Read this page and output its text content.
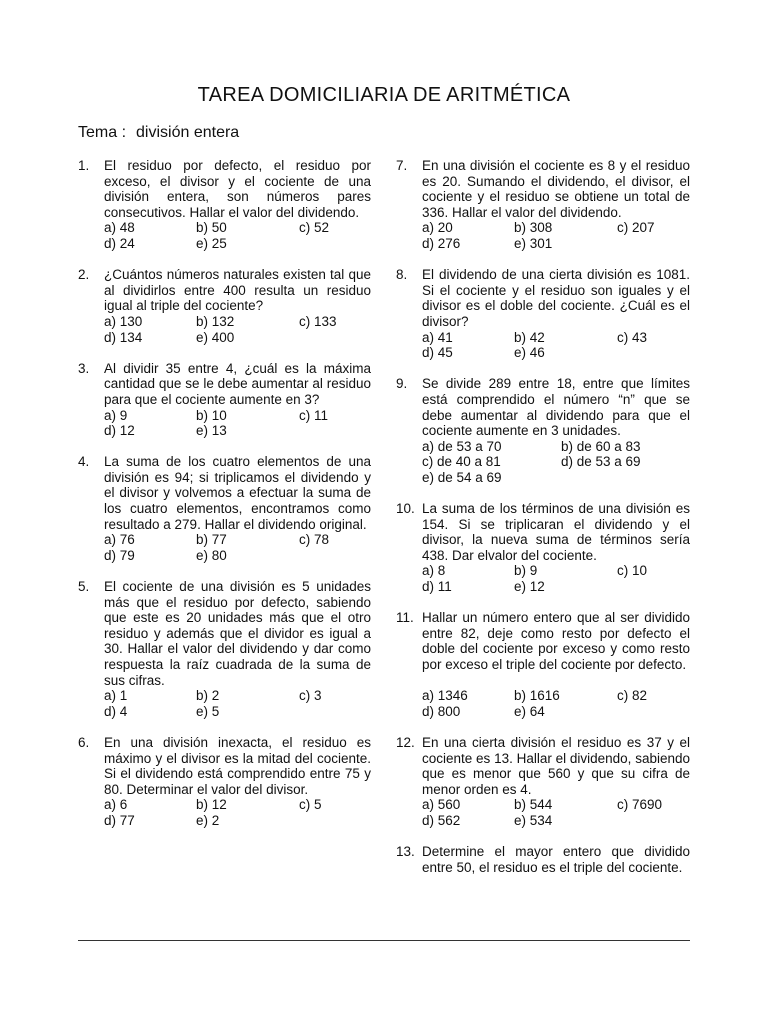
TAREA DOMICILIARIA DE ARITMÉTICA
Tema : división entera
1. El residuo por defecto, el residuo por exceso, el divisor y el cociente de una división entera, son números pares consecutivos. Hallar el valor del dividendo.
a) 48	b) 50	c) 52
d) 24	e) 25
2. ¿Cuántos números naturales existen tal que al dividirlos entre 400 resulta un residuo igual al triple del cociente?
a) 130	b) 132	c) 133
d) 134	e) 400
3. Al dividir 35 entre 4, ¿cuál es la máxima cantidad que se le debe aumentar al residuo para que el cociente aumente en 3?
a) 9	b) 10	c) 11
d) 12	e) 13
4. La suma de los cuatro elementos de una división es 94; si triplicamos el dividendo y el divisor y volvemos a efectuar la suma de los cuatro elementos, encontramos como resultado a 279. Hallar el dividendo original.
a) 76	b) 77	c) 78
d) 79	e) 80
5. El cociente de una división es 5 unidades más que el residuo por defecto, sabiendo que este es 20 unidades más que el otro residuo y además que el dividor es igual a 30. Hallar el valor del dividendo y dar como respuesta la raíz cuadrada de la suma de sus cifras.
a) 1	b) 2	c) 3
d) 4	e) 5
6. En una división inexacta, el residuo es máximo y el divisor es la mitad del cociente. Si el dividendo está comprendido entre 75 y 80. Determinar el valor del divisor.
a) 6	b) 12	c) 5
d) 77	e) 2
7. En una división el cociente es 8 y el residuo es 20. Sumando el dividendo, el divisor, el cociente y el residuo se obtiene un total de 336. Hallar el valor del dividendo.
a) 20	b) 308	c) 207
d) 276	e) 301
8. El dividendo de una cierta división es 1081. Si el cociente y el residuo son iguales y el divisor es el doble del cociente. ¿Cuál es el divisor?
a) 41	b) 42	c) 43
d) 45	e) 46
9. Se divide 289 entre 18, entre que límites está comprendido el número “n” que se debe aumentar al dividendo para que el cociente aumente en 3 unidades.
a) de 53 a 70	b) de 60 a 83
c) de 40 a 81	d) de 53 a 69
e) de 54 a 69
10. La suma de los términos de una división es 154. Si se triplicaran el dividendo y el divisor, la nueva suma de términos sería 438. Dar elvalor del cociente.
a) 8	b) 9	c) 10
d) 11	e) 12
11. Hallar un número entero que al ser dividido entre 82, deje como resto por defecto el doble del cociente por exceso y como resto por exceso el triple del cociente por defecto.
a) 1346	b) 1616	c) 82
d) 800	e) 64
12. En una cierta división el residuo es 37 y el cociente es 13. Hallar el dividendo, sabiendo que es menor que 560 y que su cifra de menor orden es 4.
a) 560	b) 544	c) 7690
d) 562	e) 534
13. Determine el mayor entero que dividido entre 50, el residuo es el triple del cociente.
